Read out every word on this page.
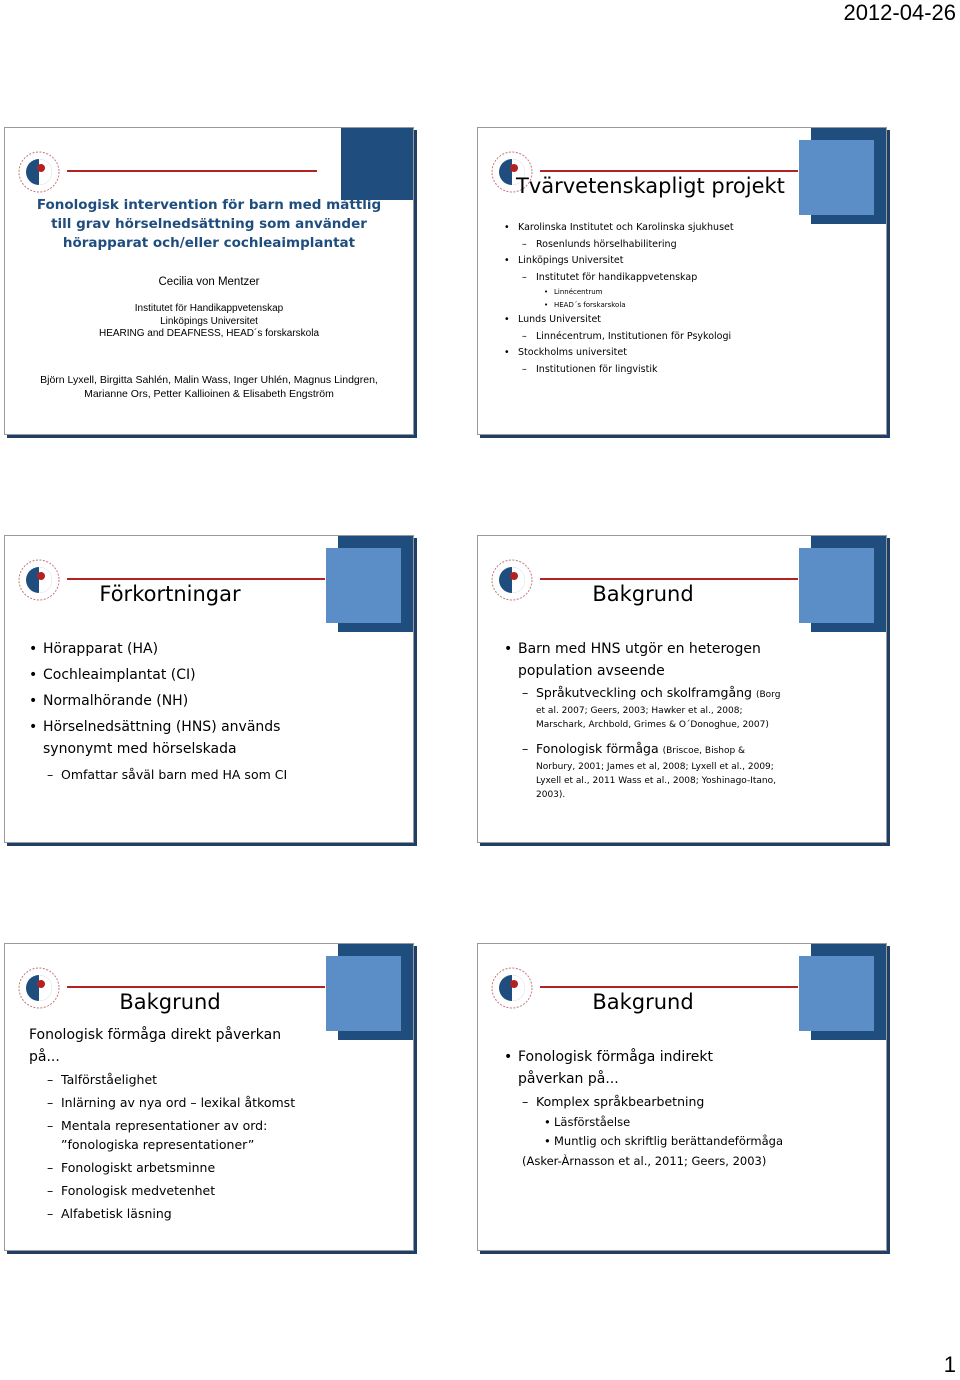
2012-04-26
Fonologisk intervention för barn med måttlig till grav hörselnedsättning som använder hörapparat och/eller cochleaimplantat
Cecilia von Mentzer
Institutet för Handikappvetenskap
Linköpings Universitet
HEARING and DEAFNESS, HEAD´s forskarskola
Björn Lyxell, Birgitta Sahlén, Malin Wass, Inger Uhlén, Magnus Lindgren,
Marianne Ors, Petter Kallioinen & Elisabeth Engström
Tvärvetenskapligt projekt
• Karolinska Institutet och Karolinska sjukhuset
– Rosenlunds hörselhabilitering
• Linköpings Universitet
– Institutet för handikappvetenskap
• Linnécentrum
• HEAD´s forskarskola
• Lunds Universitet
– Linnécentrum, Institutionen för Psykologi
• Stockholms universitet
– Institutionen för lingvistik
Förkortningar
• Hörapparat (HA)
• Cochleaimplantat (CI)
• Normalhörande (NH)
• Hörselnedsättning (HNS) används
synonymt med hörselskada
– Omfattar såväl barn med HA som CI
Bakgrund
• Barn med HNS utgör en heterogen
population avseende
– Språkutveckling och skolframgång (Borg
et al. 2007; Geers, 2003; Hawker et al., 2008;
Marschark, Archbold, Grimes & O´Donoghue, 2007)
– Fonologisk förmåga (Briscoe, Bishop &
Norbury, 2001; James et al, 2008; Lyxell et al., 2009;
Lyxell et al., 2011 Wass et al., 2008; Yoshinago-Itano,
2003).
Bakgrund
Fonologisk förmåga direkt påverkan
på...
– Talförståelighet
– Inlärning av nya ord – lexikal åtkomst
– Mentala representationer av ord:
”fonologiska representationer”
– Fonologiskt arbetsminne
– Fonologisk medvetenhet
– Alfabetisk läsning
Bakgrund
• Fonologisk förmåga indirekt
påverkan på...
– Komplex språkbearbetning
• Läsförståelse
• Muntlig och skriftlig berättandeförmåga
(Asker-Àrnasson et al., 2011; Geers, 2003)
1
